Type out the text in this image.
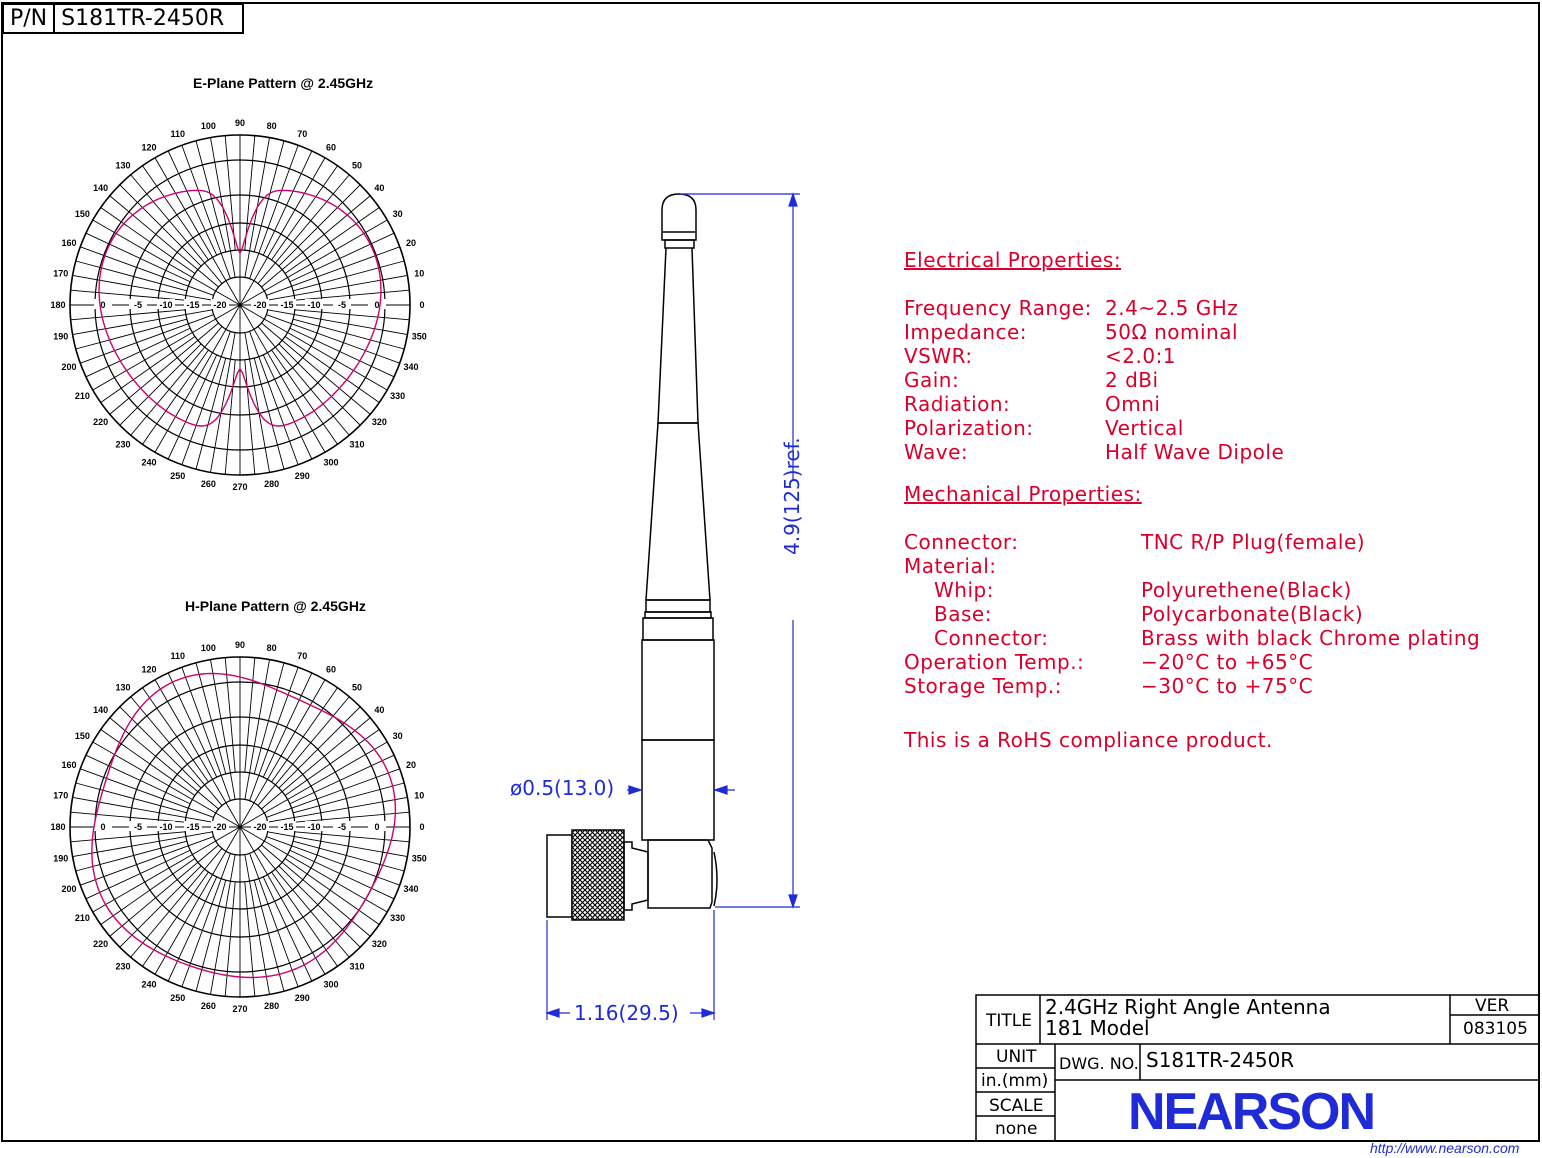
P/N S181TR-2450R
E-Plane Pattern @ 2.45GHz
H-Plane Pattern @ 2.45GHz
0
10
20
30
40
50
60
70
80
90
100
110
120
130
140
150
160
170
180
190
200
210
220
230
240
250
260 270 280
290
300
310
320
330
340
350
0	0
-5	-5
-10	-10
-15	-15
-20	-20
0
10
20
30
40
50
60
70
80
90
100
110
120
130
140
150
160
170
180
190
200
210
220
230
240
250
260 270 280
290
300
310
320
330
340
350
0	0
-5	-5
-10	-10
-15	-15
-20	-20
4.9(125)ref.
ø0.5(13.0)
1.16(29.5)
Electrical Properties:
Frequency Range: 2.4~2.5 GHz
Impedance:	50Ω nominal
VSWR:	<2.0:1
Gain:	2 dBi
Radiation:	Omni
Polarization:	Vertical
Wave:	Half Wave Dipole
Mechanical Properties:
Connector:	TNC R/P Plug(female)
Material:
Whip:	Polyurethene(Black)
Base:	Polycarbonate(Black)
Connector:	Brass with black Chrome plating
Operation Temp.:	−20°C to +65°C
Storage Temp.:	−30°C to +75°C
This is a RoHS compliance product.
TITLE
2.4GHz Right Angle Antenna
181 Model
VER
083105
UNIT
in.(mm)
DWG. NO. S181TR-2450R
SCALE
none NEARSON
http://www.nearson.com
